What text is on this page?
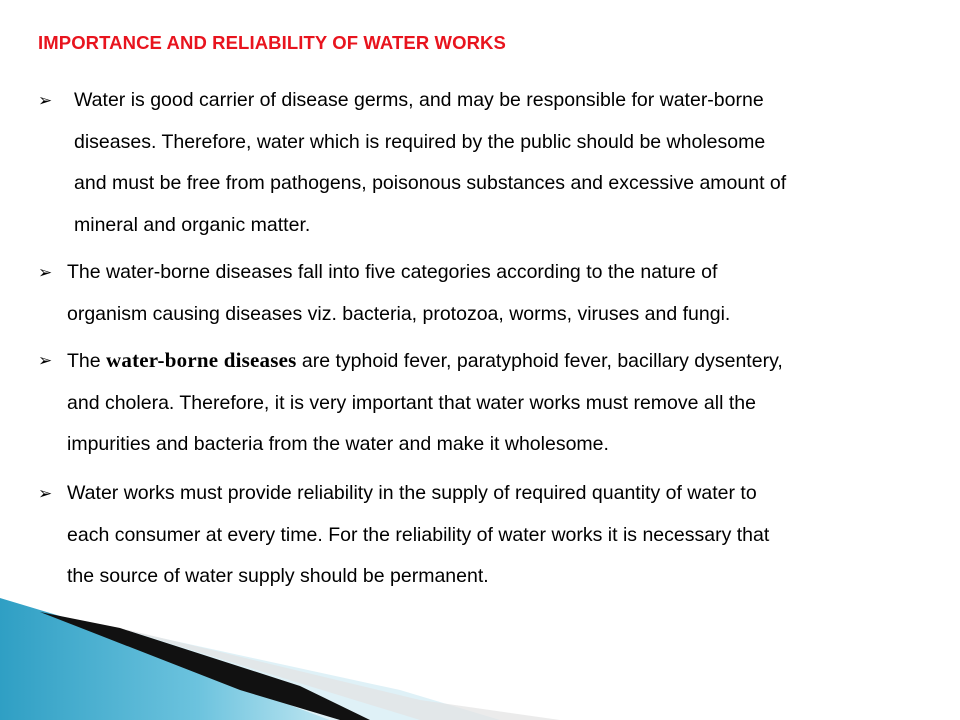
IMPORTANCE AND RELIABILITY OF WATER WORKS
➢ Water is good carrier of disease germs, and may be responsible for water-borne
diseases. Therefore, water which is required by the public should be wholesome
and must be free from pathogens, poisonous substances and excessive amount of
mineral and organic matter.
➢ The water-borne diseases fall into five categories according to the nature of
organism causing diseases viz. bacteria, protozoa, worms, viruses and fungi.
➢ The water-borne diseases are typhoid fever, paratyphoid fever, bacillary dysentery,
and cholera. Therefore, it is very important that water works must remove all the
impurities and bacteria from the water and make it wholesome.
➢ Water works must provide reliability in the supply of required quantity of water to
each consumer at every time. For the reliability of water works it is necessary that
the source of water supply should be permanent.
